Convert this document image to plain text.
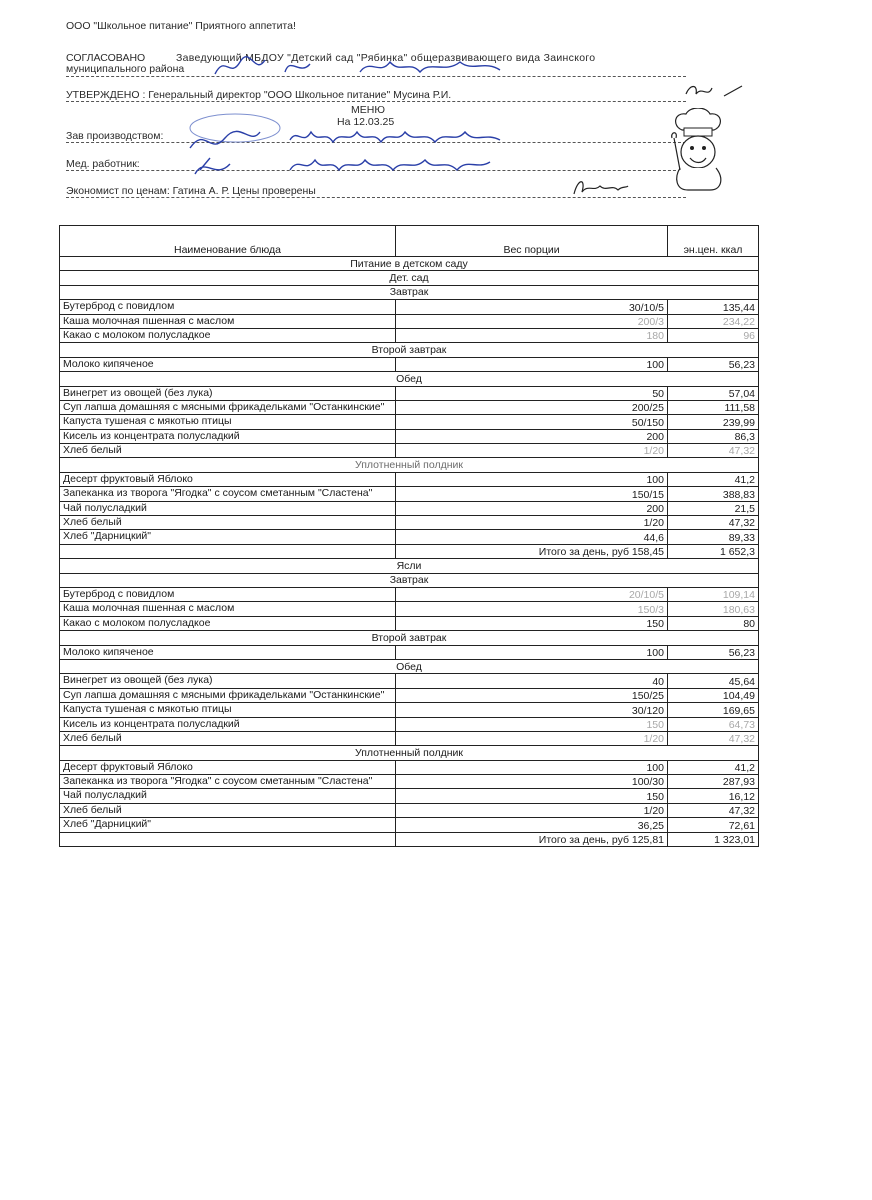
ООО "Школьное питание" Приятного аппетита!
СОГЛАСОВАНО	Заведующий МБДОУ "Детский сад "Рябинка" общеразвивающего вида Заинского
муниципального района
УТВЕРЖДЕНО : Генеральный директор "ООО Школьное питание" Мусина Р.И.
МЕНЮ
На 12.03.25
Зав производством:
Мед. работник:
Экономист по ценам: Гатина А. Р. Цены проверены
Наименование блюда	Вес порции	эн.цен. ккал
Питание в детском саду		
Дет. сад		
Завтрак		
Бутерброд с повидлом	30/10/5	135,44
Каша молочная пшенная с маслом	200/3	234,22
Какао с молоком полусладкое	180	96
Второй завтрак		
Молоко кипяченое	100	56,23
Обед		
Винегрет из овощей (без лука)	50	57,04
Суп лапша домашняя с мясными фрикадельками "Останкинские"	200/25	111,58
Капуста тушеная с мякотью птицы	50/150	239,99
Кисель из концентрата полусладкий	200	86,3
Хлеб белый	1/20	47,32
Уплотненный полдник		
Десерт фруктовый Яблоко	100	41,2
Запеканка из творога "Ягодка" с соусом сметанным "Сластена"	150/15	388,83
Чай полусладкий	200	21,5
Хлеб белый	1/20	47,32
Хлеб "Дарницкий"	44,6	89,33
	Итого за день, руб 158,45	1 652,3
Ясли		
Завтрак		
Бутерброд с повидлом	20/10/5	109,14
Каша молочная пшенная с маслом	150/3	180,63
Какао с молоком полусладкое	150	80
Второй завтрак		
Молоко кипяченое	100	56,23
Обед		
Винегрет из овощей (без лука)	40	45,64
Суп лапша домашняя с мясными фрикадельками "Останкинские"	150/25	104,49
Капуста тушеная с мякотью птицы	30/120	169,65
Кисель из концентрата полусладкий	150	64,73
Хлеб белый	1/20	47,32
Уплотненный полдник		
Десерт фруктовый Яблоко	100	41,2
Запеканка из творога "Ягодка" с соусом сметанным "Сластена"	100/30	287,93
Чай полусладкий	150	16,12
Хлеб белый	1/20	47,32
Хлеб "Дарницкий"	36,25	72,61
	Итого за день, руб 125,81	1 323,01
